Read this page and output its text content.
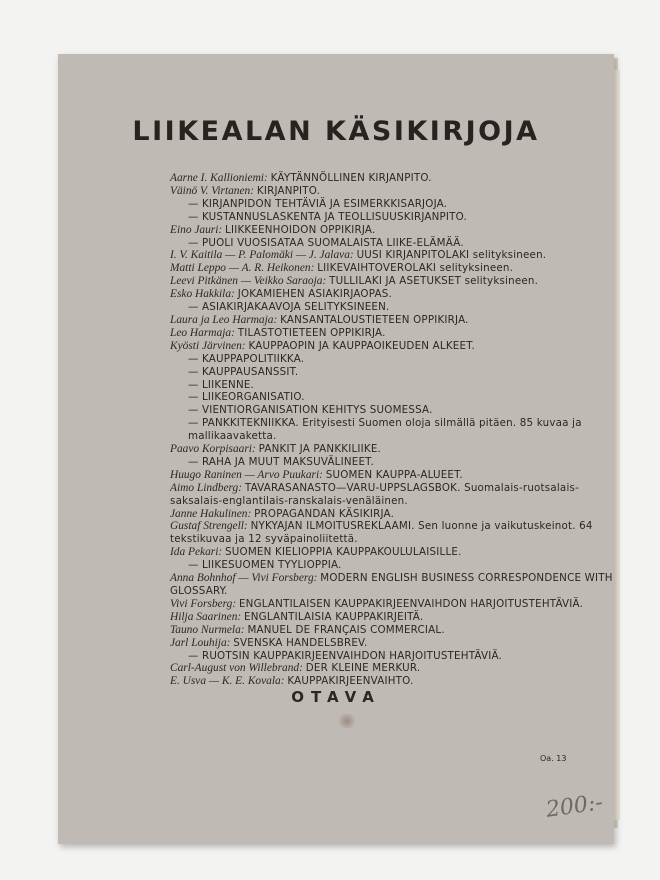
LIIKEALAN KÄSIKIRJOJA
Aarne I. Kallioniemi: KÄYTÄNNÖLLINEN KIRJANPITO.
Väinö V. Virtanen: KIRJANPITO.
— KIRJANPIDON TEHTÄVIÄ JA ESIMERKKISARJOJA.
— KUSTANNUSLASKENTA JA TEOLLISUUSKIRJANPITO.
Eino Jauri: LIIKKEENHOIDON OPPIKIRJA.
— PUOLI VUOSISATAA SUOMALAISTA LIIKE-ELÄMÄÄ.
I. V. Kaitila — P. Palomäki — J. Jalava: UUSI KIRJANPITOLAKI selityksineen.
Matti Leppo — A. R. Heikonen: LIIKEVAIHTOVEROLAKI selityksineen.
Leevi Pitkänen — Veikko Saraoja: TULLILAKI JA ASETUKSET selityksineen.
Esko Hakkila: JOKAMIEHEN ASIAKIRJAOPAS.
— ASIAKIRJAKAAVOJA SELITYKSINEEN.
Laura ja Leo Harmaja: KANSANTALOUSTIETEEN OPPIKIRJA.
Leo Harmaja: TILASTOTIETEEN OPPIKIRJA.
Kyösti Järvinen: KAUPPAOPIN JA KAUPPAOIKEUDEN ALKEET.
— KAUPPAPOLITIIKKA.
— KAUPPAUSANSSIT.
— LIIKENNE.
— LIIKEORGANISATIO.
— VIENTIORGANISATION KEHITYS SUOMESSA.
— PANKKITEKNIIKKA. Erityisesti Suomen oloja silmällä pitäen. 85 kuvaa ja mallikaavaketta.
Paavo Korpisaari: PANKIT JA PANKKILIIKE.
— RAHA JA MUUT MAKSUVÄLINEET.
Huugo Raninen — Arvo Puukari: SUOMEN KAUPPA-ALUEET.
Aimo Lindberg: TAVARASANASTO—VARU-UPPSLAGSBOK. Suomalais-ruotsalais-saksalais-englantilais-ranskalais-venäläinen.
Janne Hakulinen: PROPAGANDAN KÄSIKIRJA.
Gustaf Strengell: NYKYAJAN ILMOITUSREKLAAMI. Sen luonne ja vaikutuskeinot. 64 tekstikuvaa ja 12 syväpainoliitettä.
Ida Pekari: SUOMEN KIELIOPPIA KAUPPAKOULULAISILLE.
— LIIKESUOMEN TYYLIOPPIA.
Anna Bohnhof — Vivi Forsberg: MODERN ENGLISH BUSINESS CORRESPONDENCE WITH GLOSSARY.
Vivi Forsberg: ENGLANTILAISEN KAUPPAKIRJEENVAIHDON HARJOITUSTEHTÄVIÄ.
Hilja Saarinen: ENGLANTILAISIA KAUPPAKIRJEITÄ.
Tauno Nurmela: MANUEL DE FRANÇAIS COMMERCIAL.
Jarl Louhija: SVENSKA HANDELSBREV.
— RUOTSIN KAUPPAKIRJEENVAIHDON HARJOITUSTEHTÄVIÄ.
Carl-August von Willebrand: DER KLEINE MERKUR.
E. Usva — K. E. Kovala: KAUPPAKIRJEENVAIHTO.
OTAVA
Oa. 13
200:-
